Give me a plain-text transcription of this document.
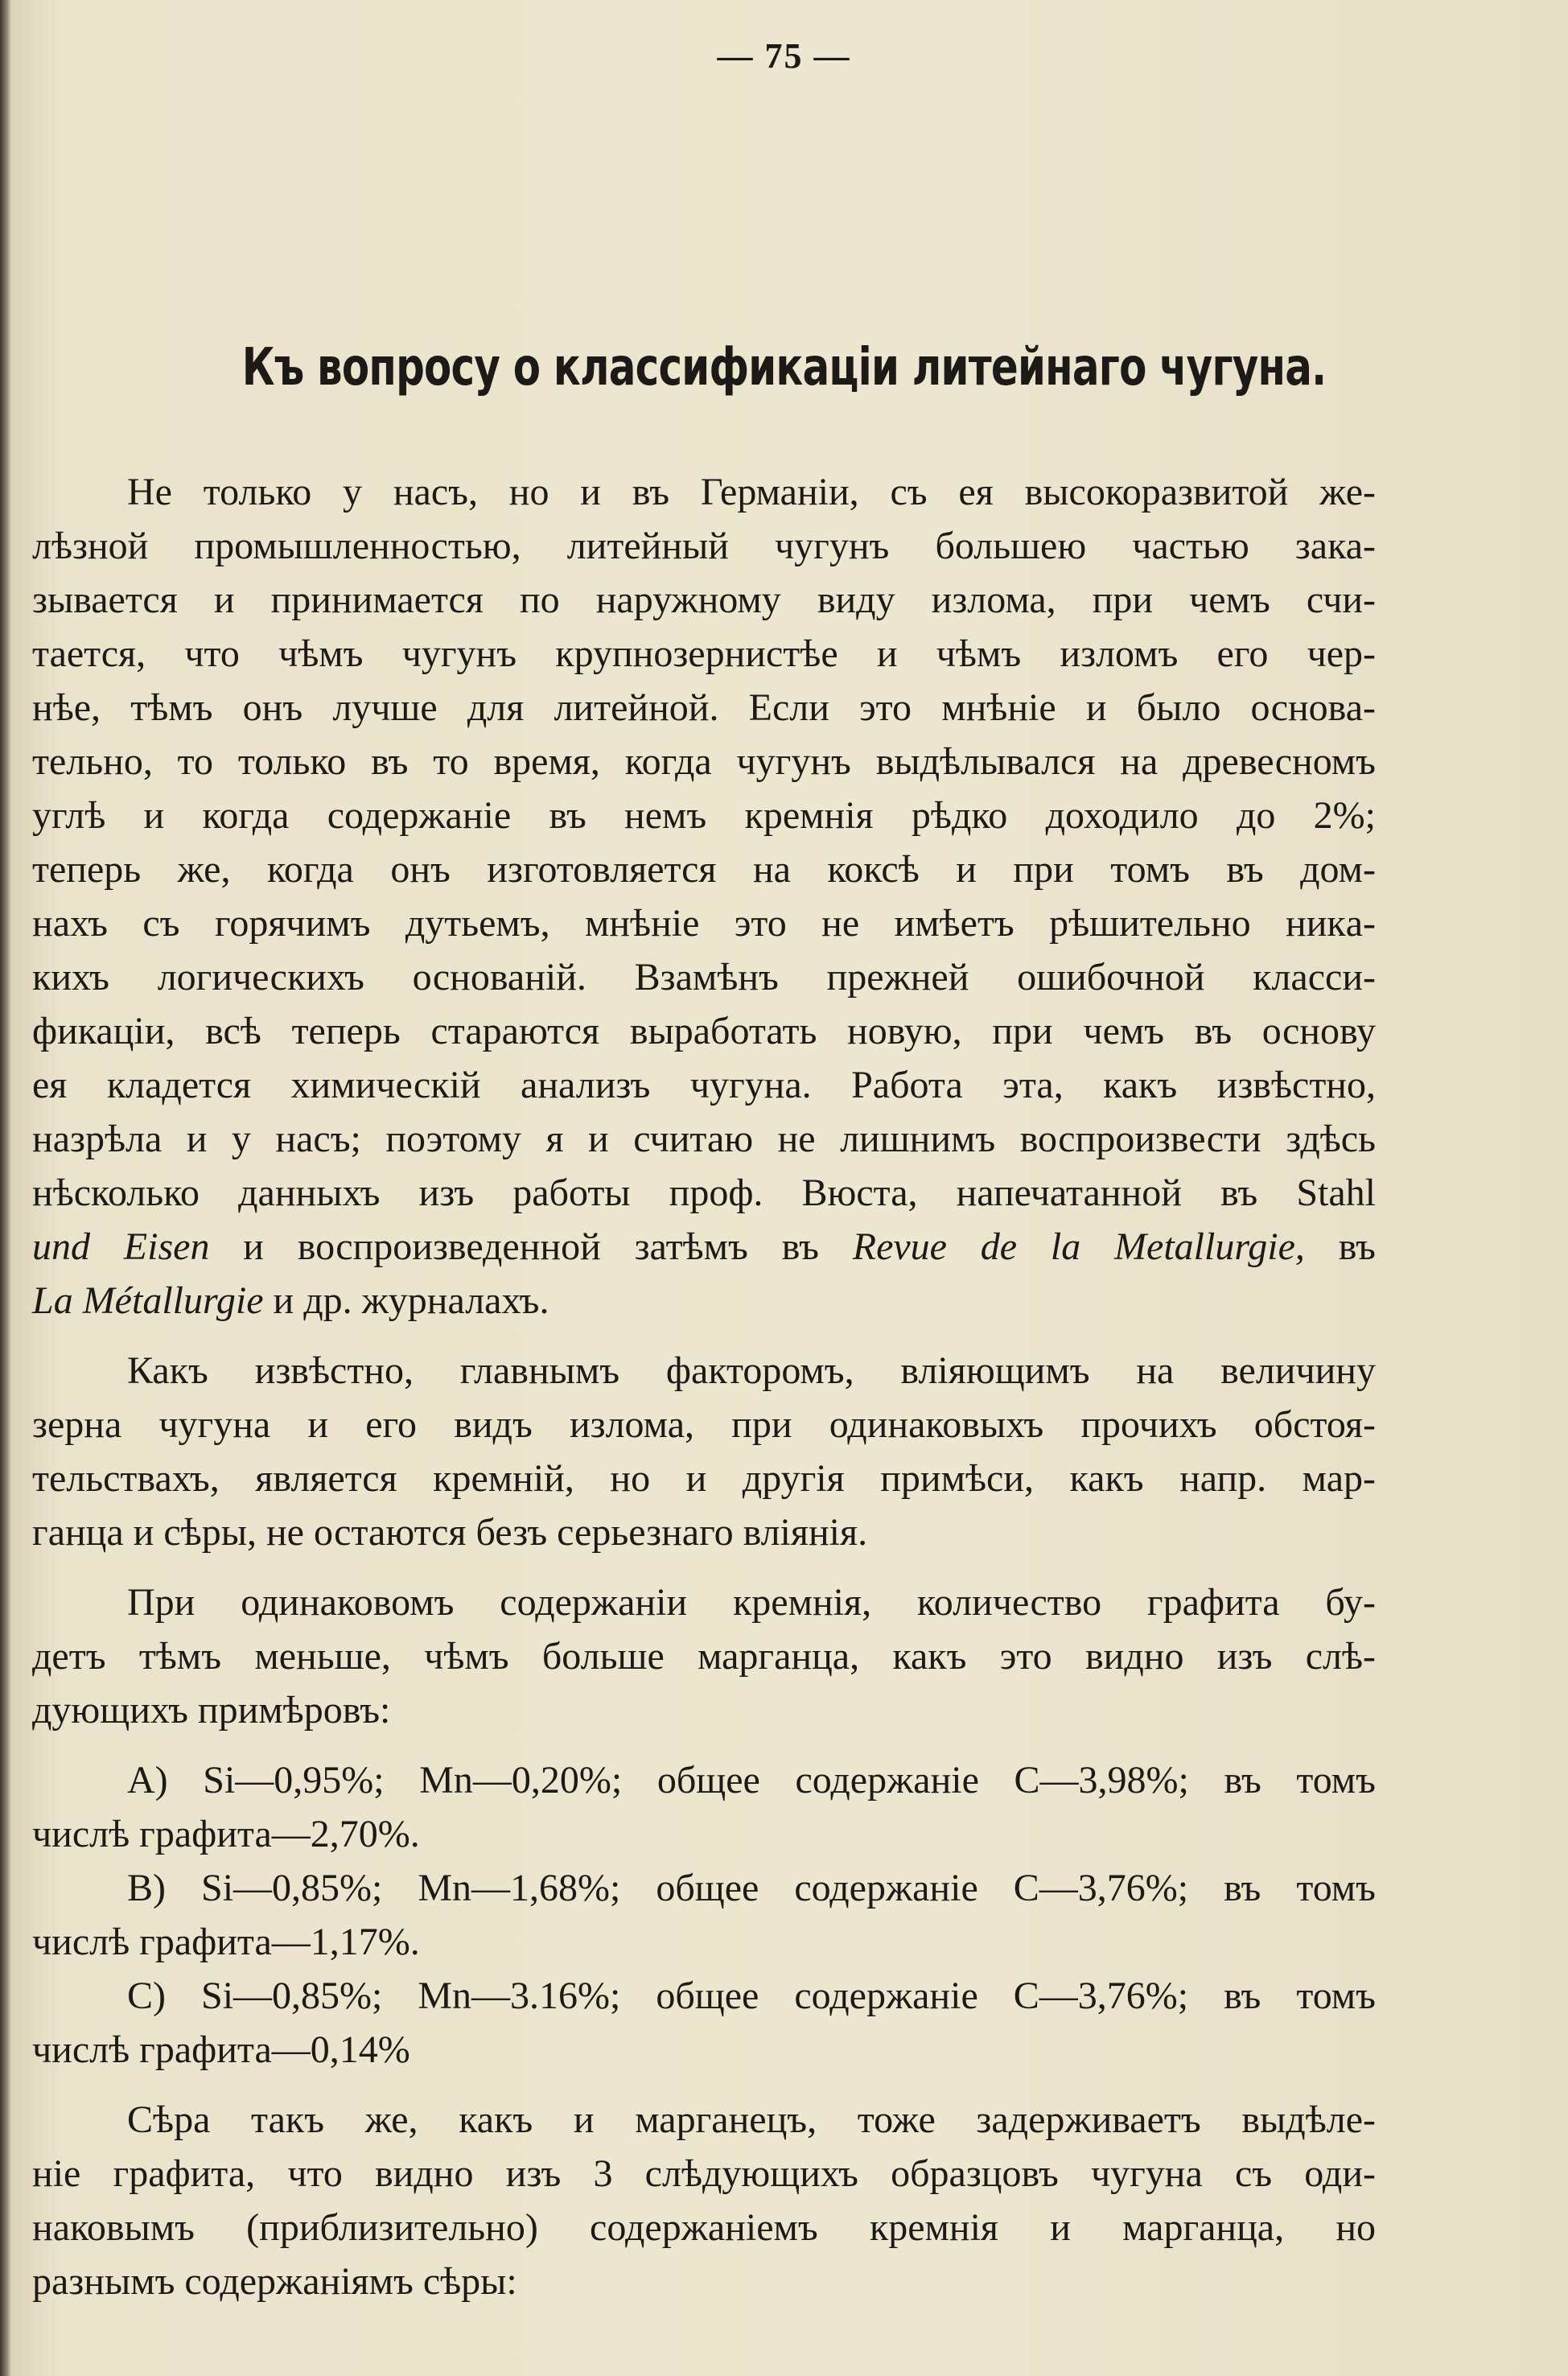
— 75 —
Къ вопросу о классификаціи литейнаго чугуна.
Не только у насъ, но и въ Германіи, съ ея высокоразвитой же-
лѣзной промышленностью, литейный чугунъ большею частью зака-
зывается и принимается по наружному виду излома, при чемъ счи-
тается, что чѣмъ чугунъ крупнозернистѣе и чѣмъ изломъ его чер-
нѣе, тѣмъ онъ лучше для литейной. Если это мнѣніе и было основа-
тельно, то только въ то время, когда чугунъ выдѣлывался на древесномъ
углѣ и когда содержаніе въ немъ кремнія рѣдко доходило до 2%;
теперь же, когда онъ изготовляется на коксѣ и при томъ въ дом-
нахъ съ горячимъ дутьемъ, мнѣніе это не имѣетъ рѣшительно никa-
кихъ логическихъ основаній. Взамѣнъ прежней ошибочной класси-
фикаціи, всѣ теперь стараются выработать новую, при чемъ въ основу
ея кладется химическій анализъ чугуна. Работа эта, какъ извѣстно,
назрѣла и у насъ; поэтому я и считаю не лишнимъ воспроизвести здѣсь
нѣсколько данныхъ изъ работы проф. Вюста, напечатанной въ Stahl
und Eisen и воспроизведенной затѣмъ въ Revue de la Metallurgie, въ
La Métallurgie и др. журналахъ.
Какъ извѣстно, главнымъ факторомъ, вліяющимъ на величину
зерна чугуна и его видъ излома, при одинаковыхъ прочихъ обстоя-
тельствахъ, является кремній, но и другія примѣси, какъ напр. мар-
ганца и сѣры, не остаются безъ серьезнаго вліянія.
При одинаковомъ содержаніи кремнія, количество графита бу-
детъ тѣмъ меньше, чѣмъ больше марганца, какъ это видно изъ слѣ-
дующихъ примѣровъ:
A) Si—0,95%; Mn—0,20%; общее содержаніе C—3,98%; въ томъ
числѣ графита—2,70%.
B) Si—0,85%; Mn—1,68%; общее содержаніе C—3,76%; въ томъ
числѣ графита—1,17%.
C) Si—0,85%; Mn—3.16%; общее содержаніе C—3,76%; въ томъ
числѣ графита—0,14%
Сѣра такъ же, какъ и марганецъ, тоже задерживаетъ выдѣле-
ніе графита, что видно изъ 3 слѣдующихъ образцовъ чугуна съ оди-
наковымъ (приблизительно) содержаніемъ кремнія и марганца, но
разнымъ содержаніямъ сѣры:
